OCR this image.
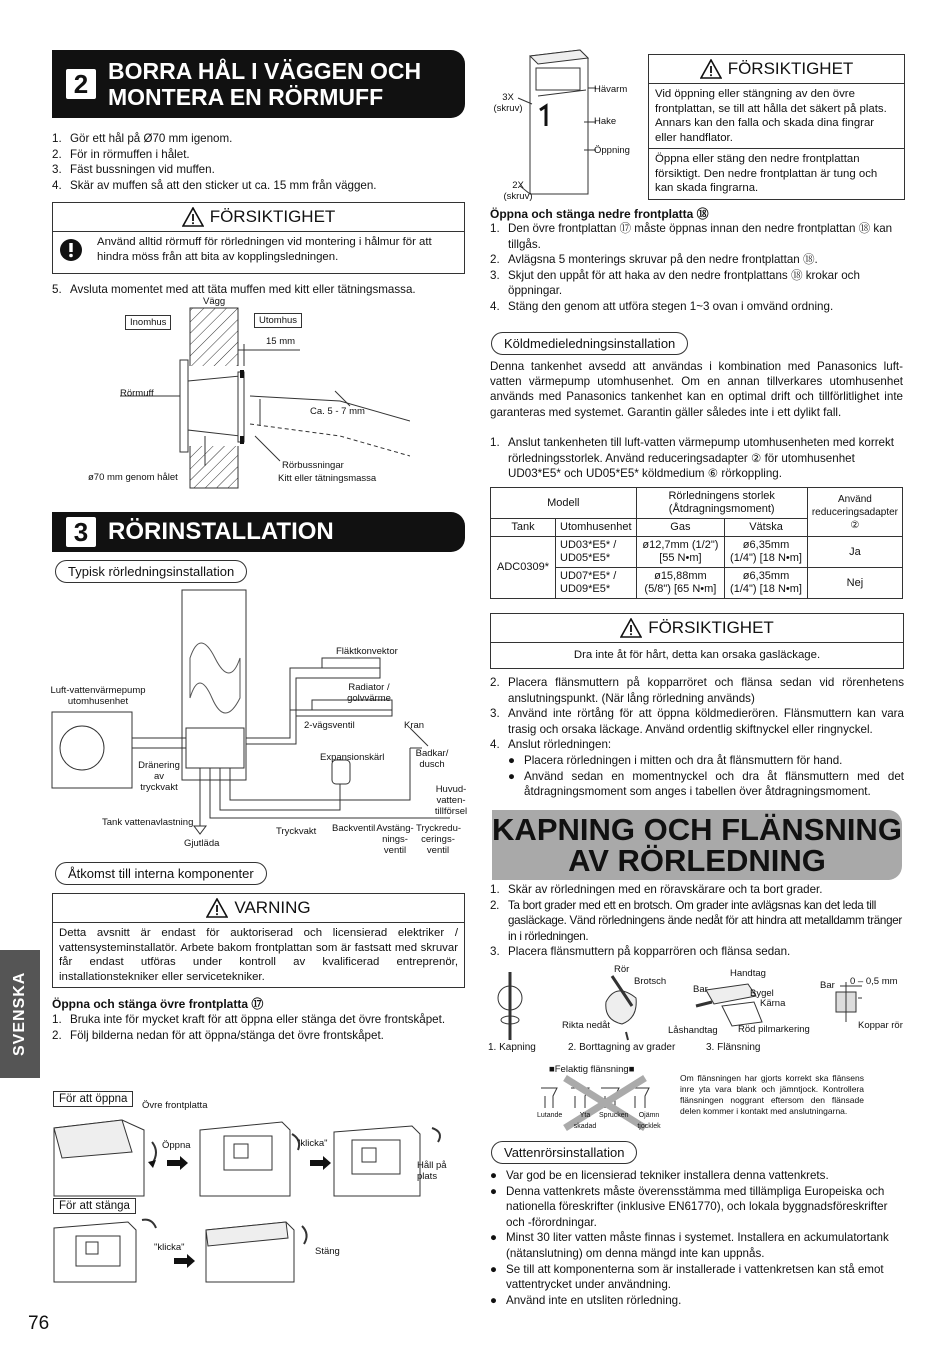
2 BORRA HÅL I VÄGGEN OCH
MONTERA EN RÖRMUFF
1. Gör ett hål på Ø70 mm igenom.
2. För in rörmuffen i hålet.
3. Fäst bussningen vid muffen.
4. Skär av muffen så att den sticker ut ca. 15 mm från väggen.
FÖRSIKTIGHET
Använd alltid rörmuff för rörledningen vid montering i hålmur för att hindra möss från att bita av kopplingsledningen.
5. Avsluta momentet med att täta muffen med kitt eller tätningsmassa.
Vägg
Inomhus	Utomhus
15 mm
Rörmuff
Ca. 5 - 7 mm
ø70 mm genom hålet
Rörbussningar
Kitt eller tätningsmassa
3 RÖRINSTALLATION
Typisk rörledningsinstallation
Fläktkonvektor
Radiator / golvvärme
Luft-vattenvärmepump utomhusenhet
2-vägsventil	Kran
Dränering av tryckvakt
Expansionskärl	Badkar/ dusch
Huvud- vatten- tillförsel
Tank vattenavlastning
Tryckvakt Backventil Avstäng- nings- ventil
Tryckredu- cerings- ventil
Gjutläda
Åtkomst till interna komponenter
VARNING
Detta avsnitt är endast för auktoriserad och licensierad elektriker / vattensysteminstallatör. Arbete bakom frontplattan som är fastsatt med skruvar får endast utföras under kontroll av kvalificerad entreprenör, installationstekniker eller servicetekniker.
Öppna och stänga övre frontplatta ⑰
1. Bruka inte för mycket kraft för att öppna eller stänga det övre frontskåpet.
2. Följ bilderna nedan för att öppna/stänga det övre frontskåpet.
För att öppna
Övre frontplatta
Öppna	"klicka"
Håll på plats
För att stänga
"klicka"	Stäng
SVENSKA
76
3X (skruv)
Hävarm
Hake
Öppning
2X (skruv)
FÖRSIKTIGHET
Vid öppning eller stängning av den övre frontplattan, se till att hålla det säkert på plats. Annars kan den falla och skada dina fingrar eller handflator.
Öppna eller stäng den nedre frontplattan försiktigt. Den nedre frontplattan är tung och kan skada fingrarna.
Öppna och stänga nedre frontplatta ⑱
1. Den övre frontplattan ⑰ måste öppnas innan den nedre frontplattan ⑱ kan tillgås.
2. Avlägsna 5 monterings skruvar på den nedre frontplattan ⑱.
3. Skjut den uppåt för att haka av den nedre frontplattans ⑱ krokar och öppningar.
4. Stäng den genom att utföra stegen 1~3 ovan i omvänd ordning.
Köldmedieledningsinstallation
Denna tankenhet avsedd att användas i kombination med Panasonics luft-vatten värmepump utomhusenhet. Om en annan tillverkares utomhusenhet används med Panasonics tankenhet kan en optimal drift och tillförlitlighet inte garanteras med systemet. Garantin gäller således inte i ett dylikt fall.
1. Anslut tankenheten till luft-vatten värmepump utomhusenheten med korrekt rörledningsstorlek. Använd reduceringsadapter ② för utomhusenhet UD03*E5* och UD05*E5* köldmedium ⑥ rörkoppling.
Modell		Rörledningens storlek (Åtdragningsmoment)		Använd reduceringsadapter ②
Tank	Utomhusenhet	Gas	Vätska	
ADC0309*	UD03*E5* / UD05*E5*	ø12,7mm (1/2") [55 N•m]	ø6,35mm (1/4") [18 N•m]	Ja
	UD07*E5* / UD09*E5*	ø15,88mm (5/8") [65 N•m]	ø6,35mm (1/4") [18 N•m]	Nej
FÖRSIKTIGHET
Dra inte åt för hårt, detta kan orsaka gasläckage.
2. Placera flänsmuttern på kopparröret och flänsa sedan vid rörenhetens anslutningspunkt. (När lång rörledning används)
3. Använd inte rörtång för att öppna köldmedierören. Flänsmuttern kan vara trasig och orsaka läckage. Använd ordentlig skiftnyckel eller ringnyckel.
4. Anslut rörledningen:
● Placera rörledningen i mitten och dra åt flänsmuttern för hand.
● Använd sedan en momentnyckel och dra åt flänsmuttern med det åtdragningsmoment som anges i tabellen över åtdragningsmoment.
KAPNING OCH FLÄNSNING
AV RÖRLEDNING
1. Skär av rörledningen med en röravskärare och ta bort grader.
2. Ta bort grader med ett en brotsch. Om grader inte avlägsnas kan det leda till gasläckage. Vänd rörledningens ände nedåt för att hindra att metalldamm tränger in i rörledningen.
3. Placera flänsmuttern på kopparrören och flänsa sedan.
Rör
Brotsch
Handtag
Bar	Bygel
Kärna
Rikta nedåt	Låshandtag Röd pilmarkering
Bar 0 – 0,5 mm
Koppar rör
1. Kapning	2. Borttagning av grader	3. Flänsning
■Felaktig flänsning■
Lutande	Yta skadad
Sprucken	Ojämn tjocklek
Om flänsningen har gjorts korrekt ska flänsens inre yta vara blank och jämntjock. Kontrollera flänsningen noggrant eftersom den flänsade delen kommer i kontakt med anslutningarna.
Vattenrörsinstallation
● Var god be en licensierad tekniker installera denna vattenkrets.
● Denna vattenkrets måste överensstämma med tillämpliga Europeiska och nationella föreskrifter (inklusive EN61770), och lokala byggnadsföreskrifter och -förordningar.
● Minst 30 liter vatten måste finnas i systemet. Installera en ackumulatortank (nätanslutning) om denna mängd inte kan uppnås.
● Se till att komponenterna som är installerade i vattenkretsen kan stå emot vattentrycket under användning.
● Använd inte en utsliten rörledning.
